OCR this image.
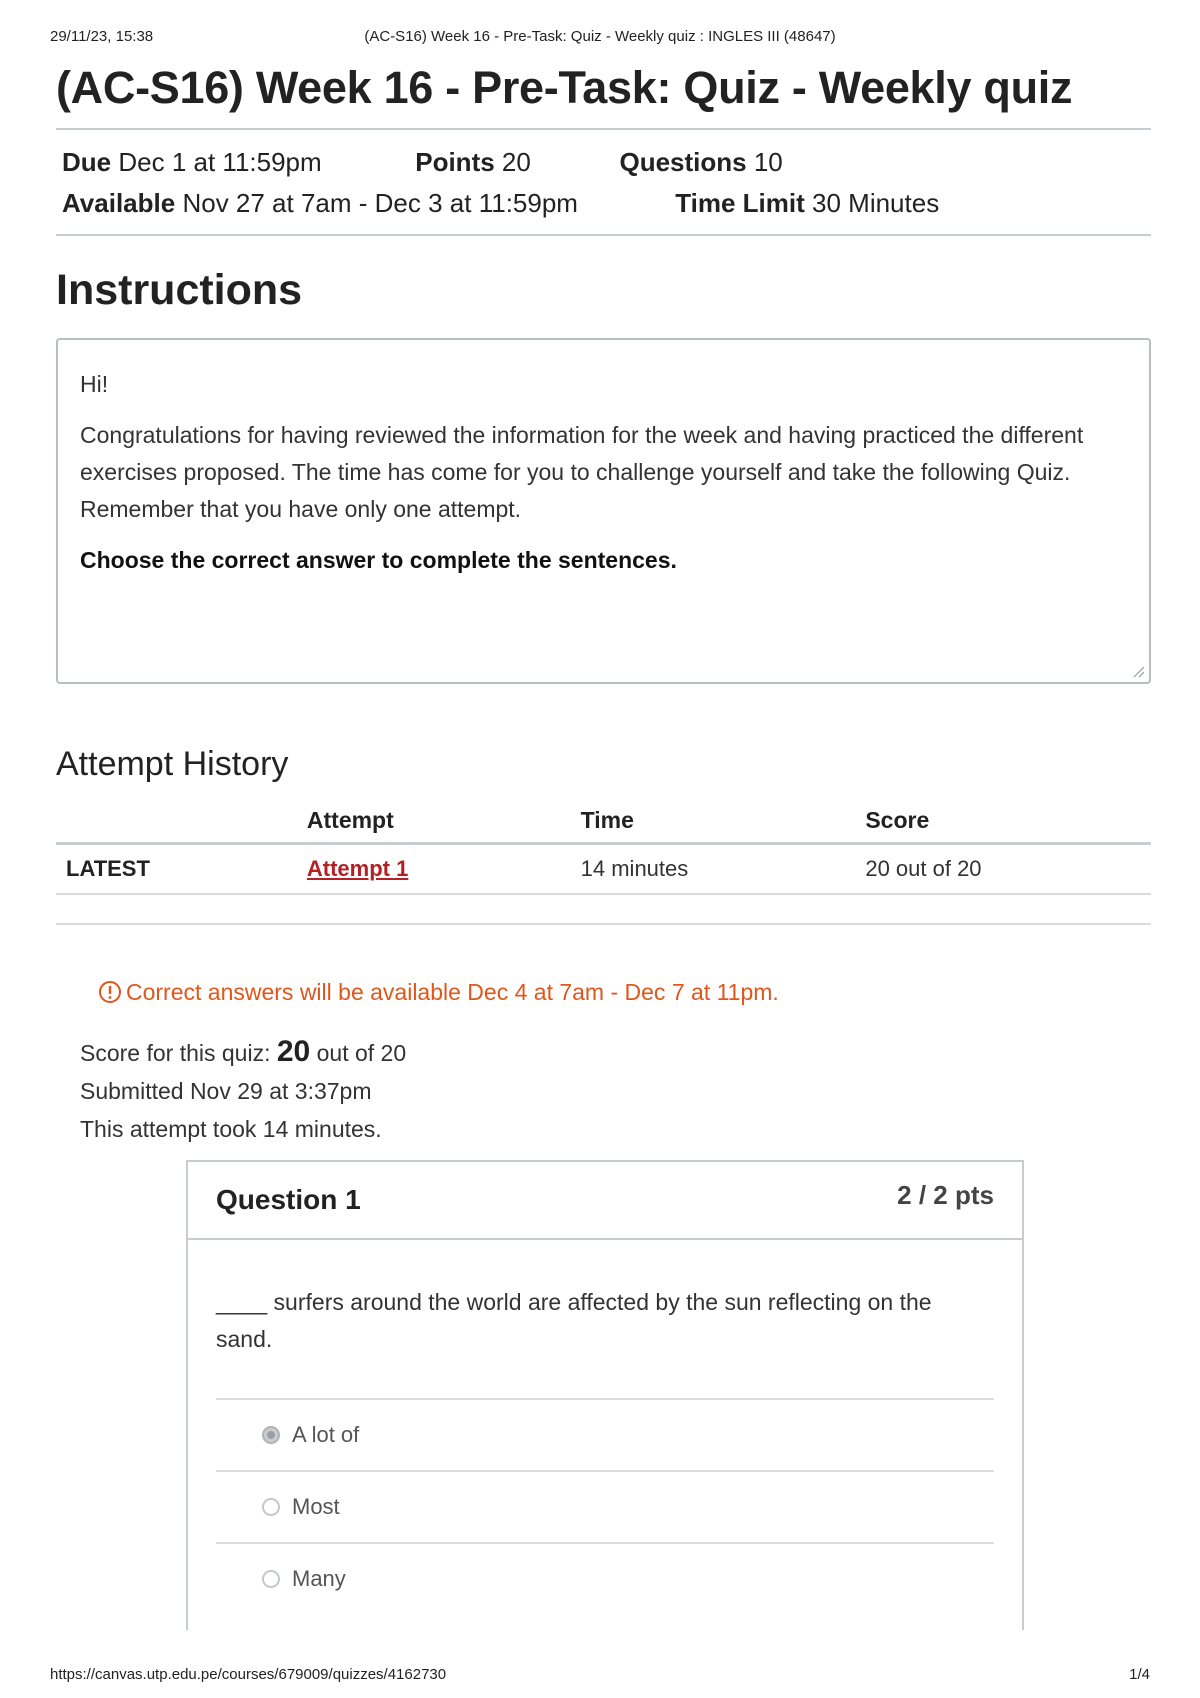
29/11/23, 15:38	(AC-S16) Week 16 - Pre-Task: Quiz - Weekly quiz : INGLES III (48647)
(AC-S16) Week 16 - Pre-Task: Quiz - Weekly quiz
Due Dec 1 at 11:59pm	Points 20	Questions 10
Available Nov 27 at 7am - Dec 3 at 11:59pm	Time Limit 30 Minutes
Instructions

Hi!

Congratulations for having reviewed the information for the week and having practiced the different exercises proposed. The time has come for you to challenge yourself and take the following Quiz. Remember that you have only one attempt.

Choose the correct answer to complete the sentences.

Attempt History
	Attempt	Time	Score
LATEST	Attempt 1	14 minutes	20 out of 20
Correct answers will be available Dec 4 at 7am - Dec 7 at 11pm.
Score for this quiz: 20 out of 20
Submitted Nov 29 at 3:37pm
This attempt took 14 minutes.
Question 1	2 / 2 pts

____ surfers around the world are affected by the sun reflecting on the sand.

A lot of
Most
Many
https://canvas.utp.edu.pe/courses/679009/quizzes/4162730	1/4
